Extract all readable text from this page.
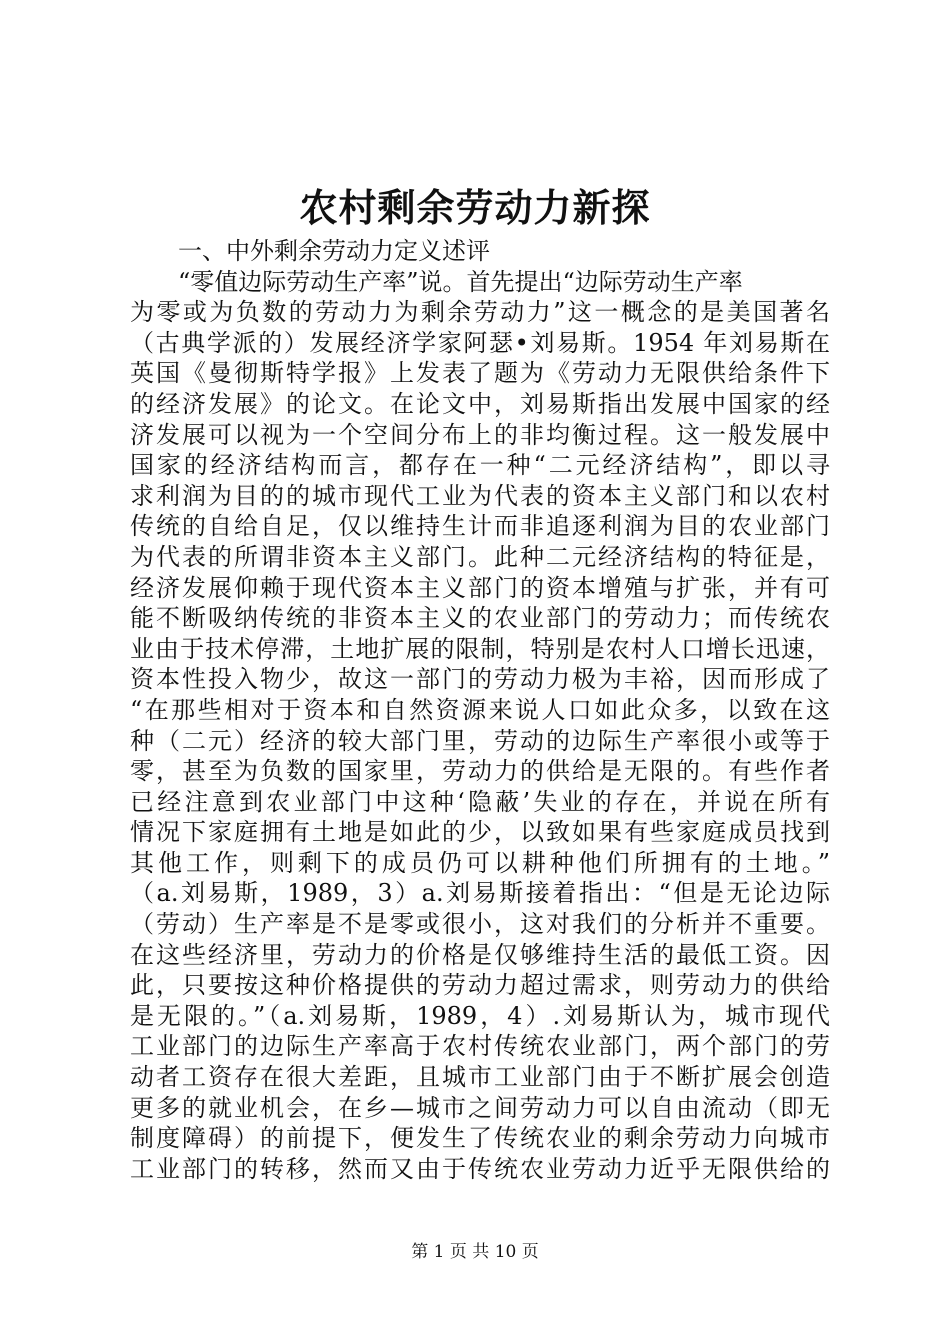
农村剩余劳动力新探
一、中外剩余劳动力定义述评
“零值边际劳动生产率”说。首先提出“边际劳动生产率
为零或为负数的劳动力为剩余劳动力”这一概念的是美国著名
（古典学派的）发展经济学家阿瑟•刘易斯。1954 年刘易斯在
英国《曼彻斯特学报》上发表了题为《劳动力无限供给条件下
的经济发展》的论文。在论文中，刘易斯指出发展中国家的经
济发展可以视为一个空间分布上的非均衡过程。这一般发展中
国家的经济结构而言，都存在一种“二元经济结构”，即以寻
求利润为目的的城市现代工业为代表的资本主义部门和以农村
传统的自给自足，仅以维持生计而非追逐利润为目的农业部门
为代表的所谓非资本主义部门。此种二元经济结构的特征是，
经济发展仰赖于现代资本主义部门的资本增殖与扩张，并有可
能不断吸纳传统的非资本主义的农业部门的劳动力；而传统农
业由于技术停滞，土地扩展的限制，特别是农村人口增长迅速，
资本性投入物少，故这一部门的劳动力极为丰裕，因而形成了
“在那些相对于资本和自然资源来说人口如此众多，以致在这
种（二元）经济的较大部门里，劳动的边际生产率很小或等于
零，甚至为负数的国家里，劳动力的供给是无限的。有些作者
已经注意到农业部门中这种‘隐蔽’失业的存在，并说在所有
情况下家庭拥有土地是如此的少，以致如果有些家庭成员找到
其他工作，则剩下的成员仍可以耕种他们所拥有的土地。”
（a.刘易斯，1989，3）a.刘易斯接着指出：“但是无论边际
（劳动）生产率是不是零或很小，这对我们的分析并不重要。
在这些经济里，劳动力的价格是仅够维持生活的最低工资。因
此，只要按这种价格提供的劳动力超过需求，则劳动力的供给
是无限的。”（a.刘易斯，1989，4）.刘易斯认为，城市现代
工业部门的边际生产率高于农村传统农业部门，两个部门的劳
动者工资存在很大差距，且城市工业部门由于不断扩展会创造
更多的就业机会，在乡—城市之间劳动力可以自由流动（即无
制度障碍）的前提下，便发生了传统农业的剩余劳动力向城市
工业部门的转移，然而又由于传统农业劳动力近乎无限供给的
第 1 页 共 10 页
